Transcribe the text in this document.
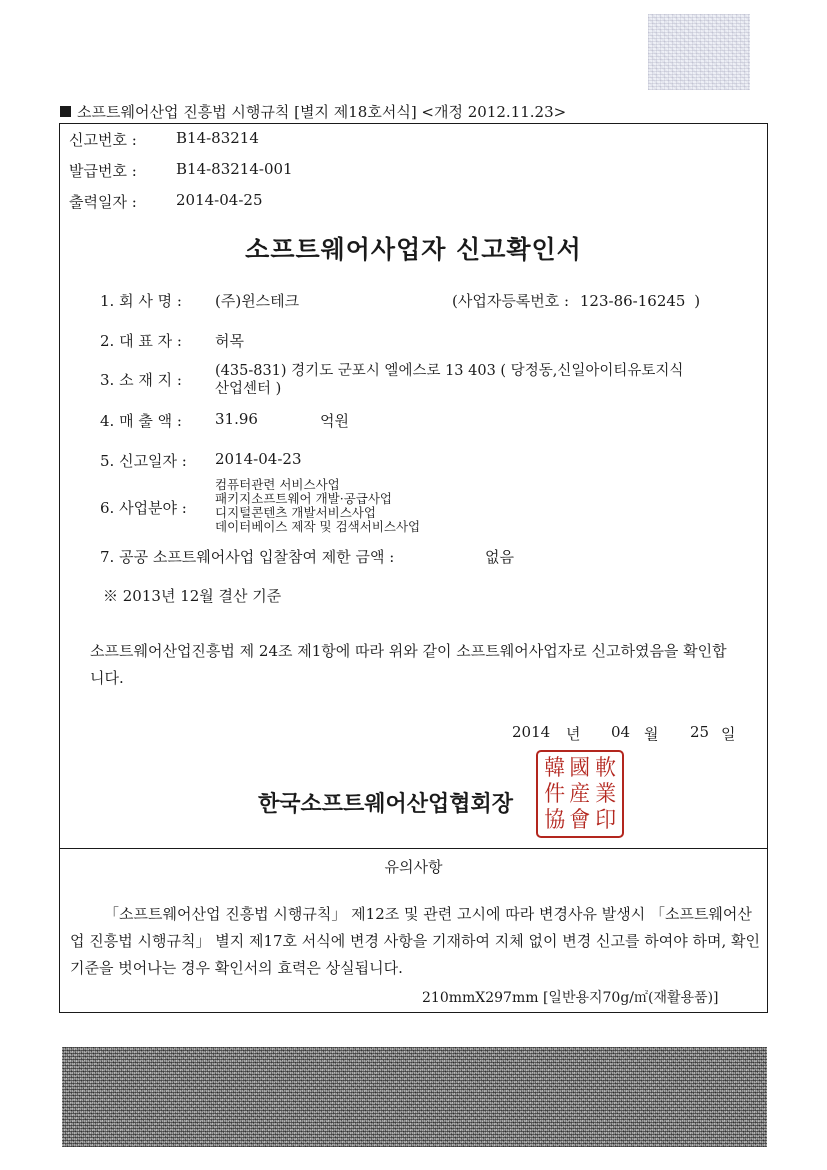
소프트웨어산업 진흥법 시행규칙 [별지 제18호서식] <개정 2012.11.23>
신고번호 :	B14-83214
발급번호 :	B14-83214-001
출력일자 :	2014-04-25
소프트웨어사업자 신고확인서
1. 회 사 명 : (주)윈스테크	(사업자등록번호 : 123-86-16245 )
2. 대 표 자 : 허목
3. 소 재 지 : (435-831) 경기도 군포시 엘에스로 13 403 ( 당정동,신일아이티유토지식
산업센터 )
4. 매 출 액 : 31.96	억원
5. 신고일자 : 2014-04-23
6. 사업분야 :
컴퓨터관련 서비스사업
패키지소프트웨어 개발·공급사업
디지털콘텐츠 개발서비스사업
데이터베이스 제작 및 검색서비스사업
7. 공공 소프트웨어사업 입찰참여 제한 금액 :	없음
※ 2013년 12월 결산 기준
소프트웨어산업진흥법 제 24조 제1항에 따라 위와 같이 소프트웨어사업자로 신고하였음을 확인합니다.
2014 년 04 월 25 일
한국소프트웨어산업협회장
韓 國 軟
件 産 業
協 會 印
유의사항
「소프트웨어산업 진흥법 시행규칙」 제12조 및 관련 고시에 따라 변경사유 발생시 「소프트웨어산업 진흥법 시행규칙」 별지 제17호 서식에 변경 사항을 기재하여 지체 없이 변경 신고를 하여야 하며, 확인기준을 벗어나는 경우 확인서의 효력은 상실됩니다.
210mmX297mm [일반용지70g/㎡(재활용품)]
